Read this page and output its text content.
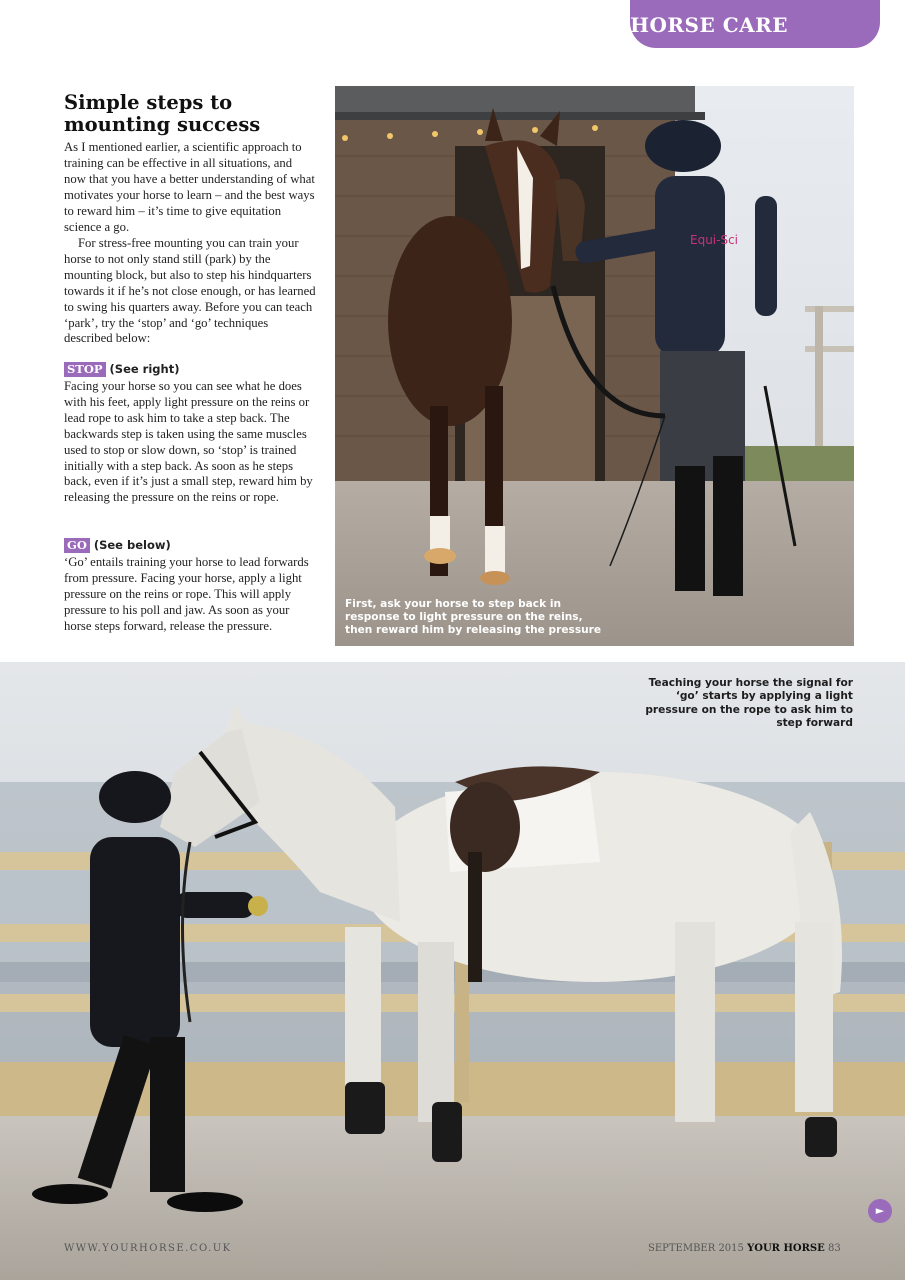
HORSE CARE
Simple steps to mounting success

As I mentioned earlier, a scientific approach to training can be effective in all situations, and now that you have a better understanding of what motivates your horse to learn – and the best ways to reward him – it’s time to give equitation science a go.

For stress-free mounting you can train your horse to not only stand still (park) by the mounting block, but also to step his hindquarters towards it if he’s not close enough, or has learned to swing his quarters away. Before you can teach ‘park’, try the ‘stop’ and ‘go’ techniques described below:

STOP (See right)

Facing your horse so you can see what he does with his feet, apply light pressure on the reins or lead rope to ask him to take a step back. The backwards step is taken using the same muscles used to stop or slow down, so ‘stop’ is trained initially with a step back. As soon as he steps back, even if it’s just a small step, reward him by releasing the pressure on the reins or rope.

GO (See below)

‘Go’ entails training your horse to lead forwards from pressure. Facing your horse, apply a light pressure on the reins or rope. This will apply pressure to his poll and jaw. As soon as your horse steps forward, release the pressure.

Equi-Sci

First, ask your horse to step back in response to light pressure on the reins, then reward him by releasing the pressure

Teaching your horse the signal for ‘go’ starts by applying a light pressure on the rope to ask him to step forward

WWW.YOURHORSE.CO.UK	SEPTEMBER 2015 YOUR HORSE 83
►
